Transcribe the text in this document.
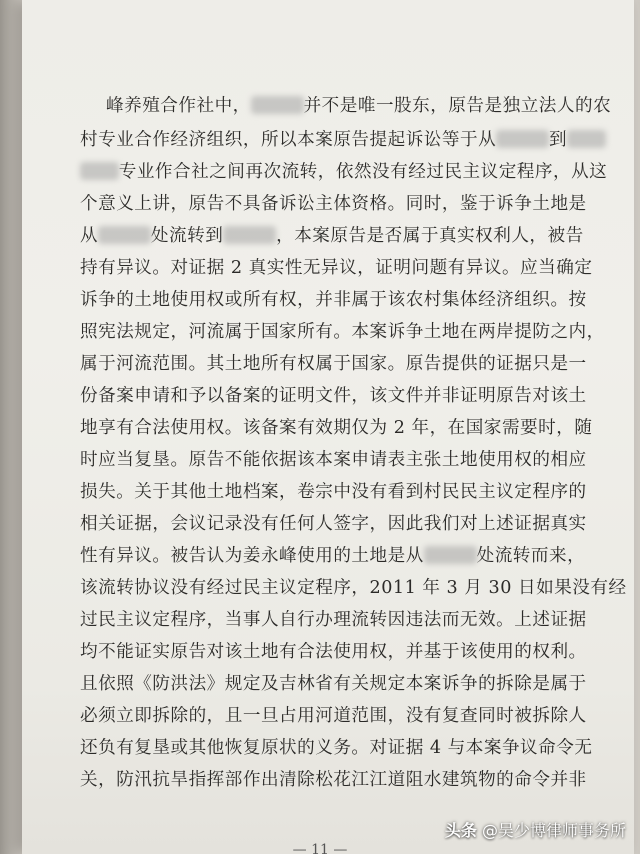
峰养殖合作社中，	并不是唯一股东，原告是独立法人的农
村专业合作经济组织，所以本案原告提起诉讼等于从	到
专业作合社之间再次流转，依然没有经过民主议定程序，从这
个意义上讲，原告不具备诉讼主体资格。同时，鉴于诉争土地是
从	处流转到	，本案原告是否属于真实权利人，被告
持有异议。对证据 2 真实性无异议，证明问题有异议。应当确定
诉争的土地使用权或所有权，并非属于该农村集体经济组织。按
照宪法规定，河流属于国家所有。本案诉争土地在两岸提防之内，
属于河流范围。其土地所有权属于国家。原告提供的证据只是一
份备案申请和予以备案的证明文件，该文件并非证明原告对该土
地享有合法使用权。该备案有效期仅为 2 年，在国家需要时，随
时应当复垦。原告不能依据该本案申请表主张土地使用权的相应
损失。关于其他土地档案，卷宗中没有看到村民民主议定程序的
相关证据，会议记录没有任何人签字，因此我们对上述证据真实
性有异议。被告认为姜永峰使用的土地是从	处流转而来，
该流转协议没有经过民主议定程序，2011 年 3 月 30 日如果没有经
过民主议定程序，当事人自行办理流转因违法而无效。上述证据
均不能证实原告对该土地有合法使用权，并基于该使用的权利。
且依照《防洪法》规定及吉林省有关规定本案诉争的拆除是属于
必须立即拆除的，且一旦占用河道范围，没有复查同时被拆除人
还负有复垦或其他恢复原状的义务。对证据 4 与本案争议命令无
关，防汛抗旱指挥部作出清除松花江江道阻水建筑物的命令并非
— 11 —
头条 @吴少博律师事务所
